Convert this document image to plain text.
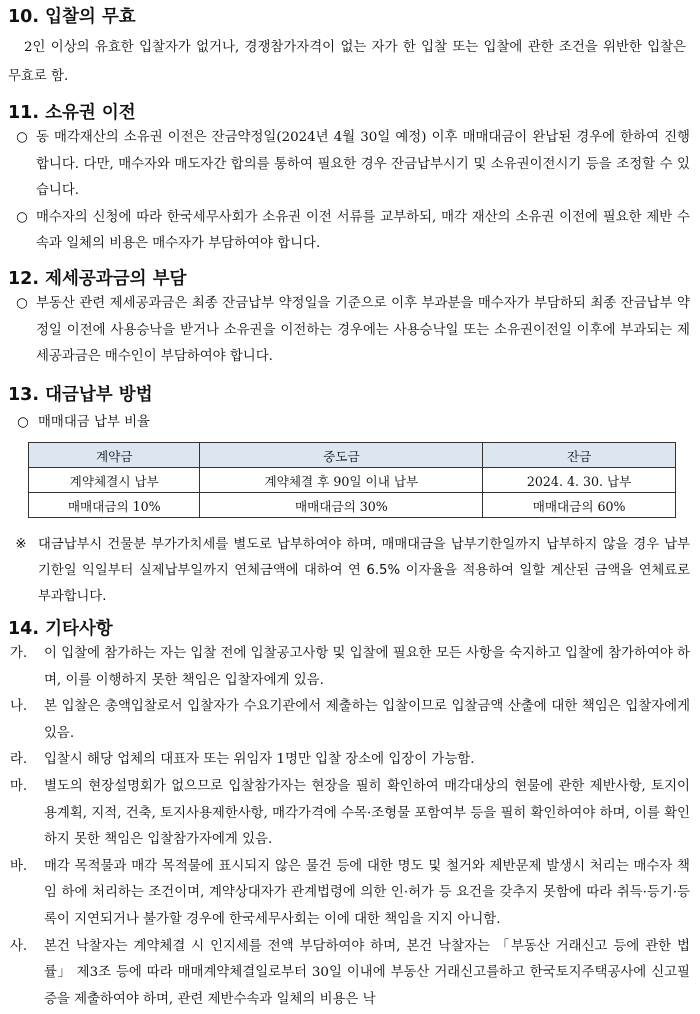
10. 입찰의 무효

2인 이상의 유효한 입찰자가 없거나, 경쟁참가자격이 없는 자가 한 입찰 또는 입찰에 관한 조건을 위반한 입찰은 무효로 함.

11. 소유권 이전
○ 동 매각재산의 소유권 이전은 잔금약정일(2024년 4월 30일 예정) 이후 매매대금이 완납된 경우에 한하여 진행합니다. 다만, 매수자와 매도자간 합의를 통하여 필요한 경우 잔금납부시기 및 소유권이전시기 등을 조정할 수 있습니다.
○ 매수자의 신청에 따라 한국세무사회가 소유권 이전 서류를 교부하되, 매각 재산의 소유권 이전에 필요한 제반 수속과 일체의 비용은 매수자가 부담하여야 합니다.
12. 제세공과금의 부담
○ 부동산 관련 제세공과금은 최종 잔금납부 약정일을 기준으로 이후 부과분을 매수자가 부담하되 최종 잔금납부 약정일 이전에 사용승낙을 받거나 소유권을 이전하는 경우에는 사용승낙일 또는 소유권이전일 이후에 부과되는 제세공과금은 매수인이 부담하여야 합니다.
13. 대금납부 방법
○ 매매대금 납부 비율
계약금	중도금	잔금
계약체결시 납부	계약체결 후 90일 이내 납부	2024. 4. 30. 납부
매매대금의 10%	매매대금의 30%	매매대금의 60%
※ 대금납부시 건물분 부가가치세를 별도로 납부하여야 하며, 매매대금을 납부기한일까지 납부하지 않을 경우 납부기한일 익일부터 실제납부일까지 연체금액에 대하여 연 6.5% 이자율을 적용하여 일할 계산된 금액을 연체료로 부과합니다.
14. 기타사항
가.	이 입찰에 참가하는 자는 입찰 전에 입찰공고사항 및 입찰에 필요한 모든 사항을 숙지하고 입찰에 참가하여야 하며, 이를 이행하지 못한 책임은 입찰자에게 있음.
나.	본 입찰은 총액입찰로서 입찰자가 수요기관에서 제출하는 입찰이므로 입찰금액 산출에 대한 책임은 입찰자에게 있음.
라.	입찰시 해당 업체의 대표자 또는 위임자 1명만 입찰 장소에 입장이 가능함.
마.	별도의 현장설명회가 없으므로 입찰참가자는 현장을 필히 확인하여 매각대상의 현물에 관한 제반사항, 토지이용계획, 지적, 건축, 토지사용제한사항, 매각가격에 수목·조형물 포함여부 등을 필히 확인하여야 하며, 이를 확인하지 못한 책임은 입찰참가자에게 있음.
바.	매각 목적물과 매각 목적물에 표시되지 않은 물건 등에 대한 명도 및 철거와 제반문제 발생시 처리는 매수자 책임 하에 처리하는 조건이며, 계약상대자가 관계법령에 의한 인·허가 등 요건을 갖추지 못함에 따라 취득·등기·등록이 지연되거나 불가할 경우에 한국세무사회는 이에 대한 책임을 지지 아니함.
사.	본건 낙찰자는 계약체결 시 인지세를 전액 부담하여야 하며, 본건 낙찰자는 「부동산 거래신고 등에 관한 법률」 제3조 등에 따라 매매계약체결일로부터 30일 이내에 부동산 거래신고를하고 한국토지주택공사에 신고필증을 제출하여야 하며, 관련 제반수속과 일체의 비용은 낙
